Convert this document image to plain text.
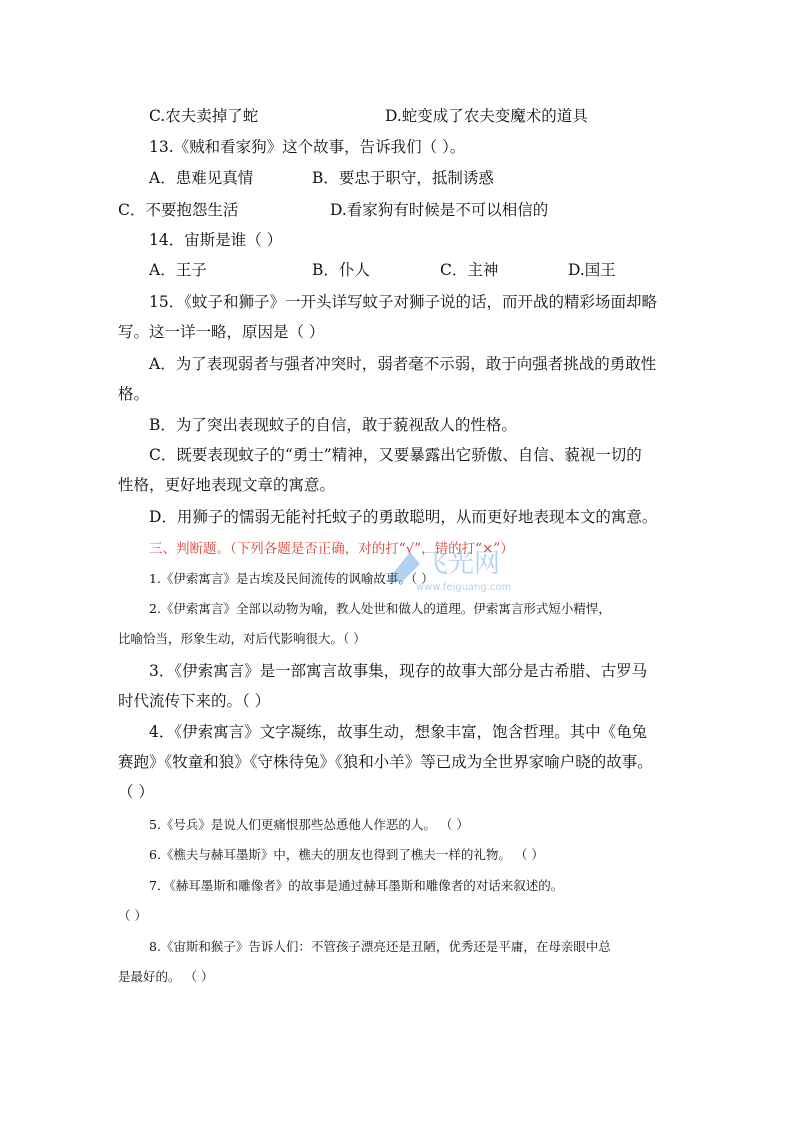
C.农夫卖掉了蛇	D.蛇变成了农夫变魔术的道具
13.《贼和看家狗》这个故事，告诉我们（ ）。
A．患难见真情	B．要忠于职守，抵制诱惑
C．不要抱怨生活	D.看家狗有时候是不可以相信的
14．宙斯是谁（ ）
A．王子	B．仆人	C．主神	D.国王
15．《蚊子和狮子》一开头详写蚊子对狮子说的话，而开战的精彩场面却略
写。这一详一略，原因是（ ）
A．为了表现弱者与强者冲突时，弱者毫不示弱，敢于向强者挑战的勇敢性
格。
B．为了突出表现蚊子的自信，敢于藐视敌人的性格。
C．既要表现蚊子的“勇士”精神，又要暴露出它骄傲、自信、藐视一切的
性格，更好地表现文章的寓意。
D．用狮子的懦弱无能衬托蚊子的勇敢聪明，从而更好地表现本文的寓意。
三、判断题。（下列各题是否正确，对的打“√”，错的打“×”）
1.《伊索寓言》是古埃及民间流传的讽喻故事。（ ）
2.《伊索寓言》全部以动物为喻，教人处世和做人的道理。伊索寓言形式短小精悍，
比喻恰当，形象生动，对后代影响很大。（ ）
3．《伊索寓言》是一部寓言故事集，现存的故事大部分是古希腊、古罗马
时代流传下来的。（ ）
4．《伊索寓言》文字凝练，故事生动，想象丰富，饱含哲理。其中《龟兔
赛跑》《牧童和狼》《守株待兔》《狼和小羊》等已成为全世界家喻户晓的故事。
（ ）
5.《号兵》是说人们更痛恨那些怂恿他人作恶的人。 （ ）
6.《樵夫与赫耳墨斯》中，樵夫的朋友也得到了樵夫一样的礼物。 （ ）
7．《赫耳墨斯和雕像者》的故事是通过赫耳墨斯和雕像者的对话来叙述的。
（ ）
8.《宙斯和猴子》告诉人们：不管孩子漂亮还是丑陋，优秀还是平庸，在母亲眼中总
是最好的。 （ ）
飞光网
www.feiguang.com
